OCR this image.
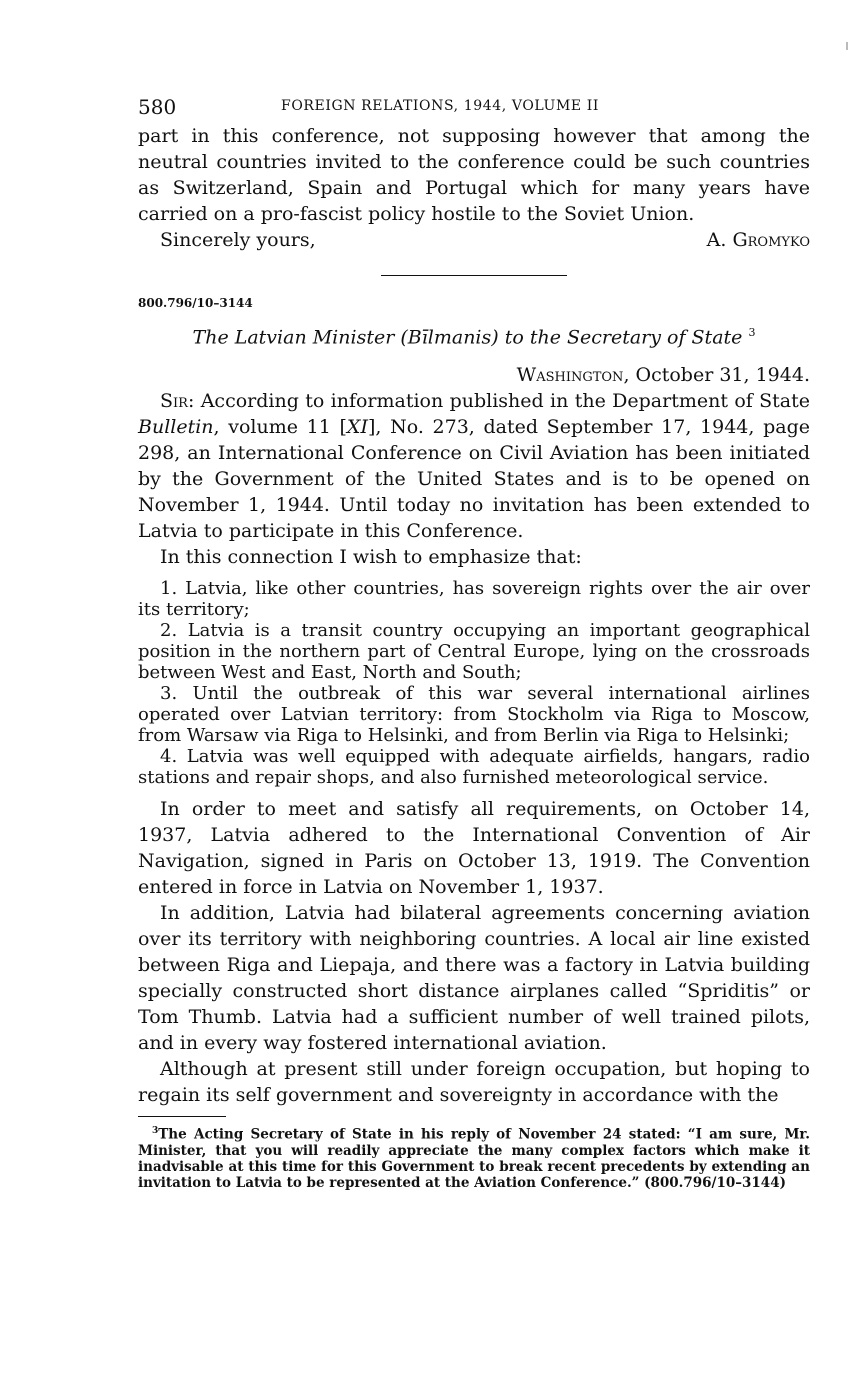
580	FOREIGN RELATIONS, 1944, VOLUME II

part in this conference, not supposing however that among the neutral countries invited to the conference could be such countries as Switzerland, Spain and Portugal which for many years have carried on a pro-fascist policy hostile to the Soviet Union.

Sincerely yours,	A. Gromyko
800.796/10–3144

The Latvian Minister (Bīlmanis) to the Secretary of State $^3$

Washington, October 31, 1944.

Sir: According to information published in the Department of State Bulletin, volume 11 [XI], No. 273, dated September 17, 1944, page 298, an International Conference on Civil Aviation has been initiated by the Government of the United States and is to be opened on November 1, 1944. Until today no invitation has been extended to Latvia to participate in this Conference.

In this connection I wish to emphasize that:

1. Latvia, like other countries, has sovereign rights over the air over its territory;

2. Latvia is a transit country occupying an important geographical position in the northern part of Central Europe, lying on the crossroads between West and East, North and South;

3. Until the outbreak of this war several international airlines operated over Latvian territory: from Stockholm via Riga to Moscow, from Warsaw via Riga to Helsinki, and from Berlin via Riga to Helsinki;

4. Latvia was well equipped with adequate airfields, hangars, radio stations and repair shops, and also furnished meteorological service.

In order to meet and satisfy all requirements, on October 14, 1937, Latvia adhered to the International Convention of Air Navigation, signed in Paris on October 13, 1919. The Convention entered in force in Latvia on November 1, 1937.

In addition, Latvia had bilateral agreements concerning aviation over its territory with neighboring countries. A local air line existed between Riga and Liepaja, and there was a factory in Latvia building specially constructed short distance airplanes called “Spriditis” or Tom Thumb. Latvia had a sufficient number of well trained pilots, and in every way fostered international aviation.

Although at present still under foreign occupation, but hoping to regain its self government and sovereignty in accordance with the

$^3$The Acting Secretary of State in his reply of November 24 stated: “I am sure, Mr. Minister, that you will readily appreciate the many complex factors which make it inadvisable at this time for this Government to break recent precedents by extending an invitation to Latvia to be represented at the Aviation Conference.” (800.796/10–3144)
